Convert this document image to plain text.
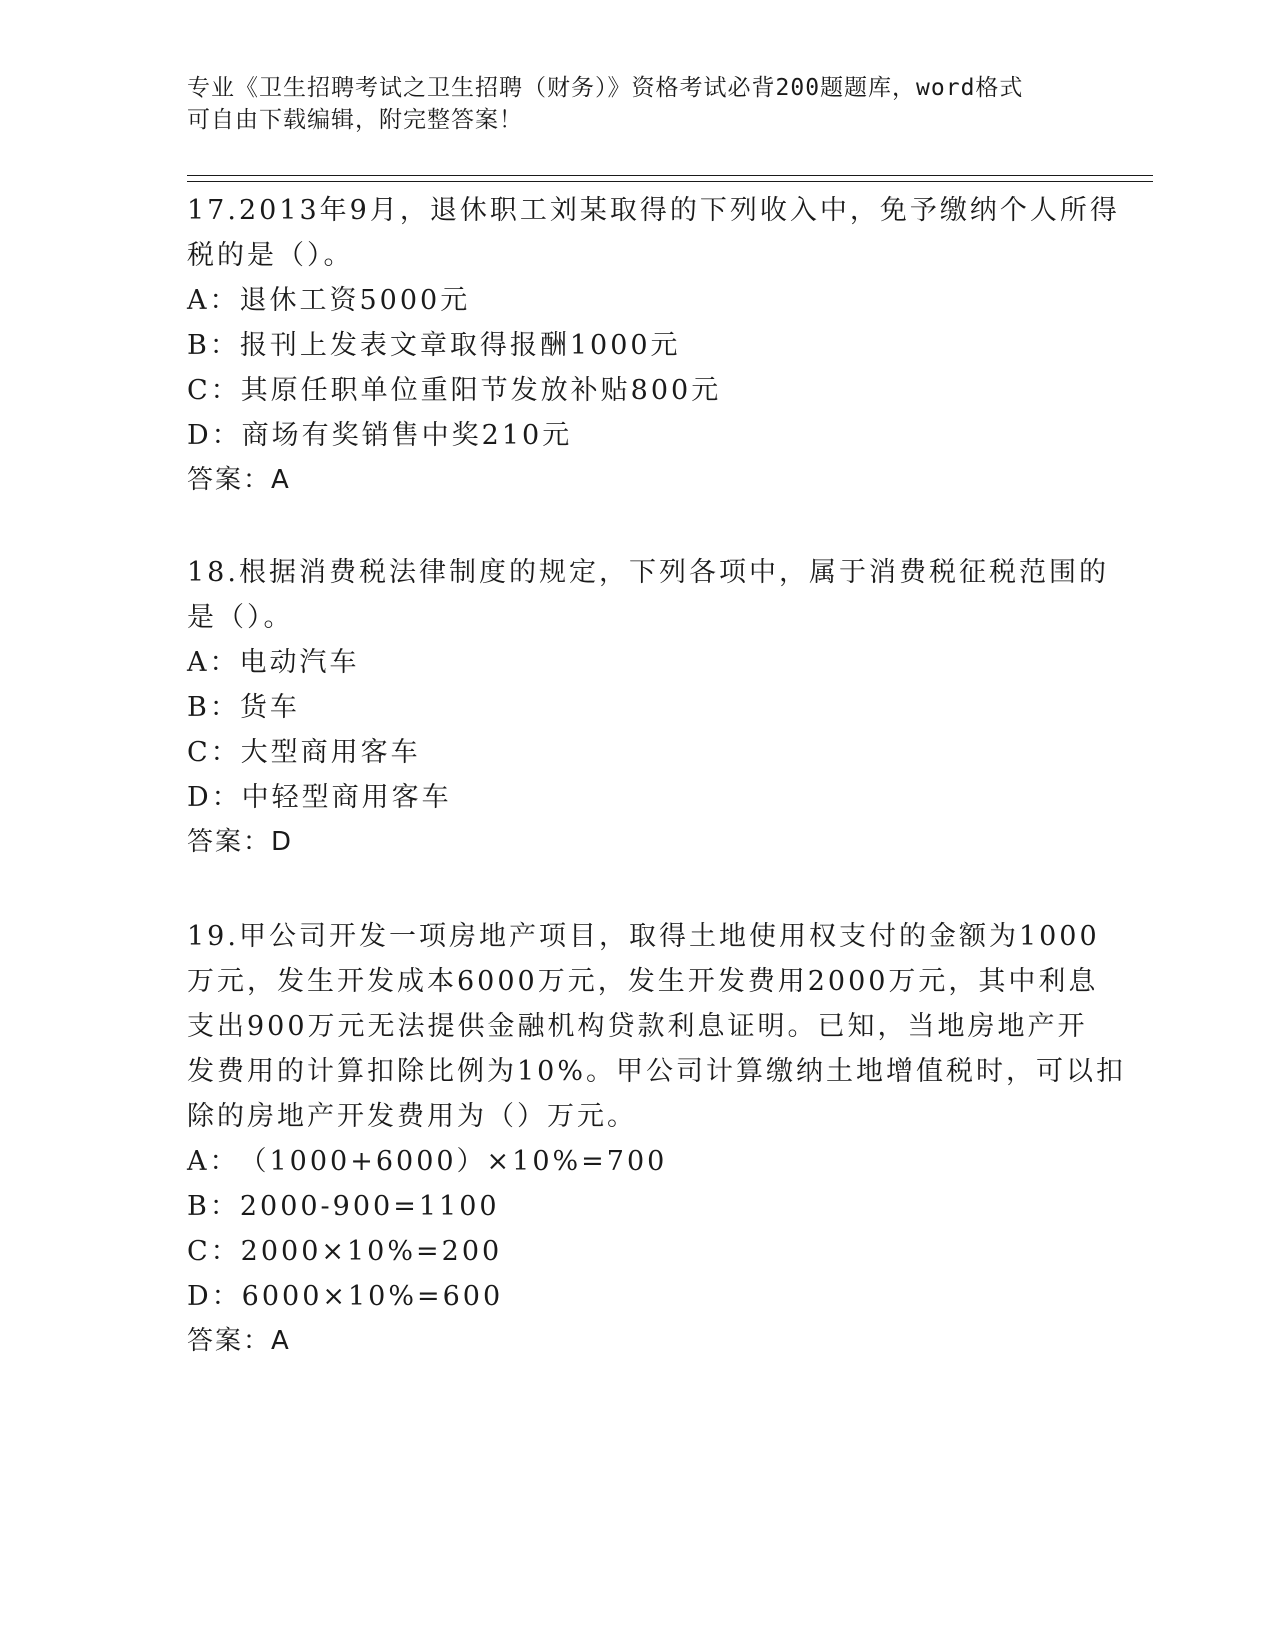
专业《卫生招聘考试之卫生招聘（财务）》资格考试必背200题题库，word格式
可自由下载编辑，附完整答案！
17.2013年9月，退休职工刘某取得的下列收入中，免予缴纳个人所得
税的是（）。
A：退休工资5000元
B：报刊上发表文章取得报酬1000元
C：其原任职单位重阳节发放补贴800元
D：商场有奖销售中奖210元
答案：A
18.根据消费税法律制度的规定，下列各项中，属于消费税征税范围的
是（）。
A：电动汽车
B：货车
C：大型商用客车
D：中轻型商用客车
答案：D
19.甲公司开发一项房地产项目，取得土地使用权支付的金额为1000
万元，发生开发成本6000万元，发生开发费用2000万元，其中利息
支出900万元无法提供金融机构贷款利息证明。已知，当地房地产开
发费用的计算扣除比例为10%。甲公司计算缴纳土地增值税时，可以扣
除的房地产开发费用为（）万元。
A：（1000+6000）×10%=700
B：2000-900=1100
C：2000×10%=200
D：6000×10%=600
答案：A
